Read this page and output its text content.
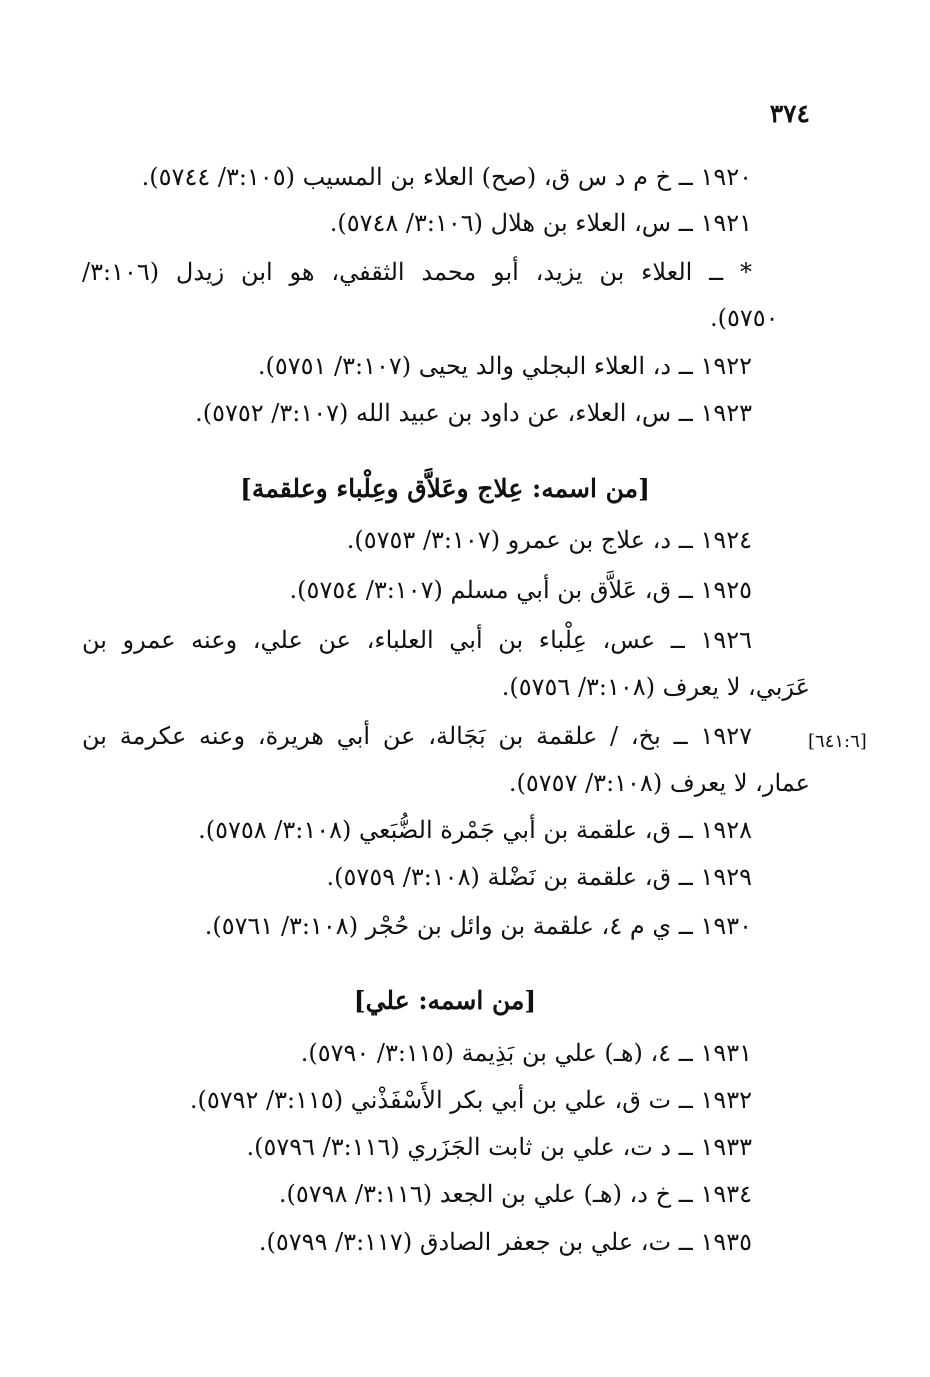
٣٧٤
١٩٢٠ ــ خ م د س ق، (صح) العلاء بن المسيب (٣:١٠٥/ ٥٧٤٤).
١٩٢١ ــ س، العلاء بن هلال (٣:١٠٦/ ٥٧٤٨).
* ــ العلاء بن يزيد، أبو محمد الثقفي، هو ابن زيدل (٣:١٠٦/
٥٧٥٠).
١٩٢٢ ــ د، العلاء البجلي والد يحيى (٣:١٠٧/ ٥٧٥١).
١٩٢٣ ــ س، العلاء، عن داود بن عبيد الله (٣:١٠٧/ ٥٧٥٢).
[من اسمه: عِلاج وعَلاَّق وعِلْباء وعلقمة]
١٩٢٤ ــ د، علاج بن عمرو (٣:١٠٧/ ٥٧٥٣).
١٩٢٥ ــ ق، عَلاَّق بن أبي مسلم (٣:١٠٧/ ٥٧٥٤).
١٩٢٦ ــ عس، عِلْباء بن أبي العلباء، عن علي، وعنه عمرو بن
عَرَبي، لا يعرف (٣:١٠٨/ ٥٧٥٦).
[٦٤١:٦]
١٩٢٧ ــ بخ، / علقمة بن بَجَالة، عن أبي هريرة، وعنه عكرمة بن
عمار، لا يعرف (٣:١٠٨/ ٥٧٥٧).
١٩٢٨ ــ ق، علقمة بن أبي جَمْرة الضُّبَعي (٣:١٠٨/ ٥٧٥٨).
١٩٢٩ ــ ق، علقمة بن نَضْلة (٣:١٠٨/ ٥٧٥٩).
١٩٣٠ ــ ي م ٤، علقمة بن وائل بن حُجْر (٣:١٠٨/ ٥٧٦١).
[من اسمه: علي]
١٩٣١ ــ ٤، (هـ) علي بن بَذِيمة (٣:١١٥/ ٥٧٩٠).
١٩٣٢ ــ ت ق، علي بن أبي بكر الأَسْفَذْني (٣:١١٥/ ٥٧٩٢).
١٩٣٣ ــ د ت، علي بن ثابت الجَزَري (٣:١١٦/ ٥٧٩٦).
١٩٣٤ ــ خ د، (هـ) علي بن الجعد (٣:١١٦/ ٥٧٩٨).
١٩٣٥ ــ ت، علي بن جعفر الصادق (٣:١١٧/ ٥٧٩٩).
